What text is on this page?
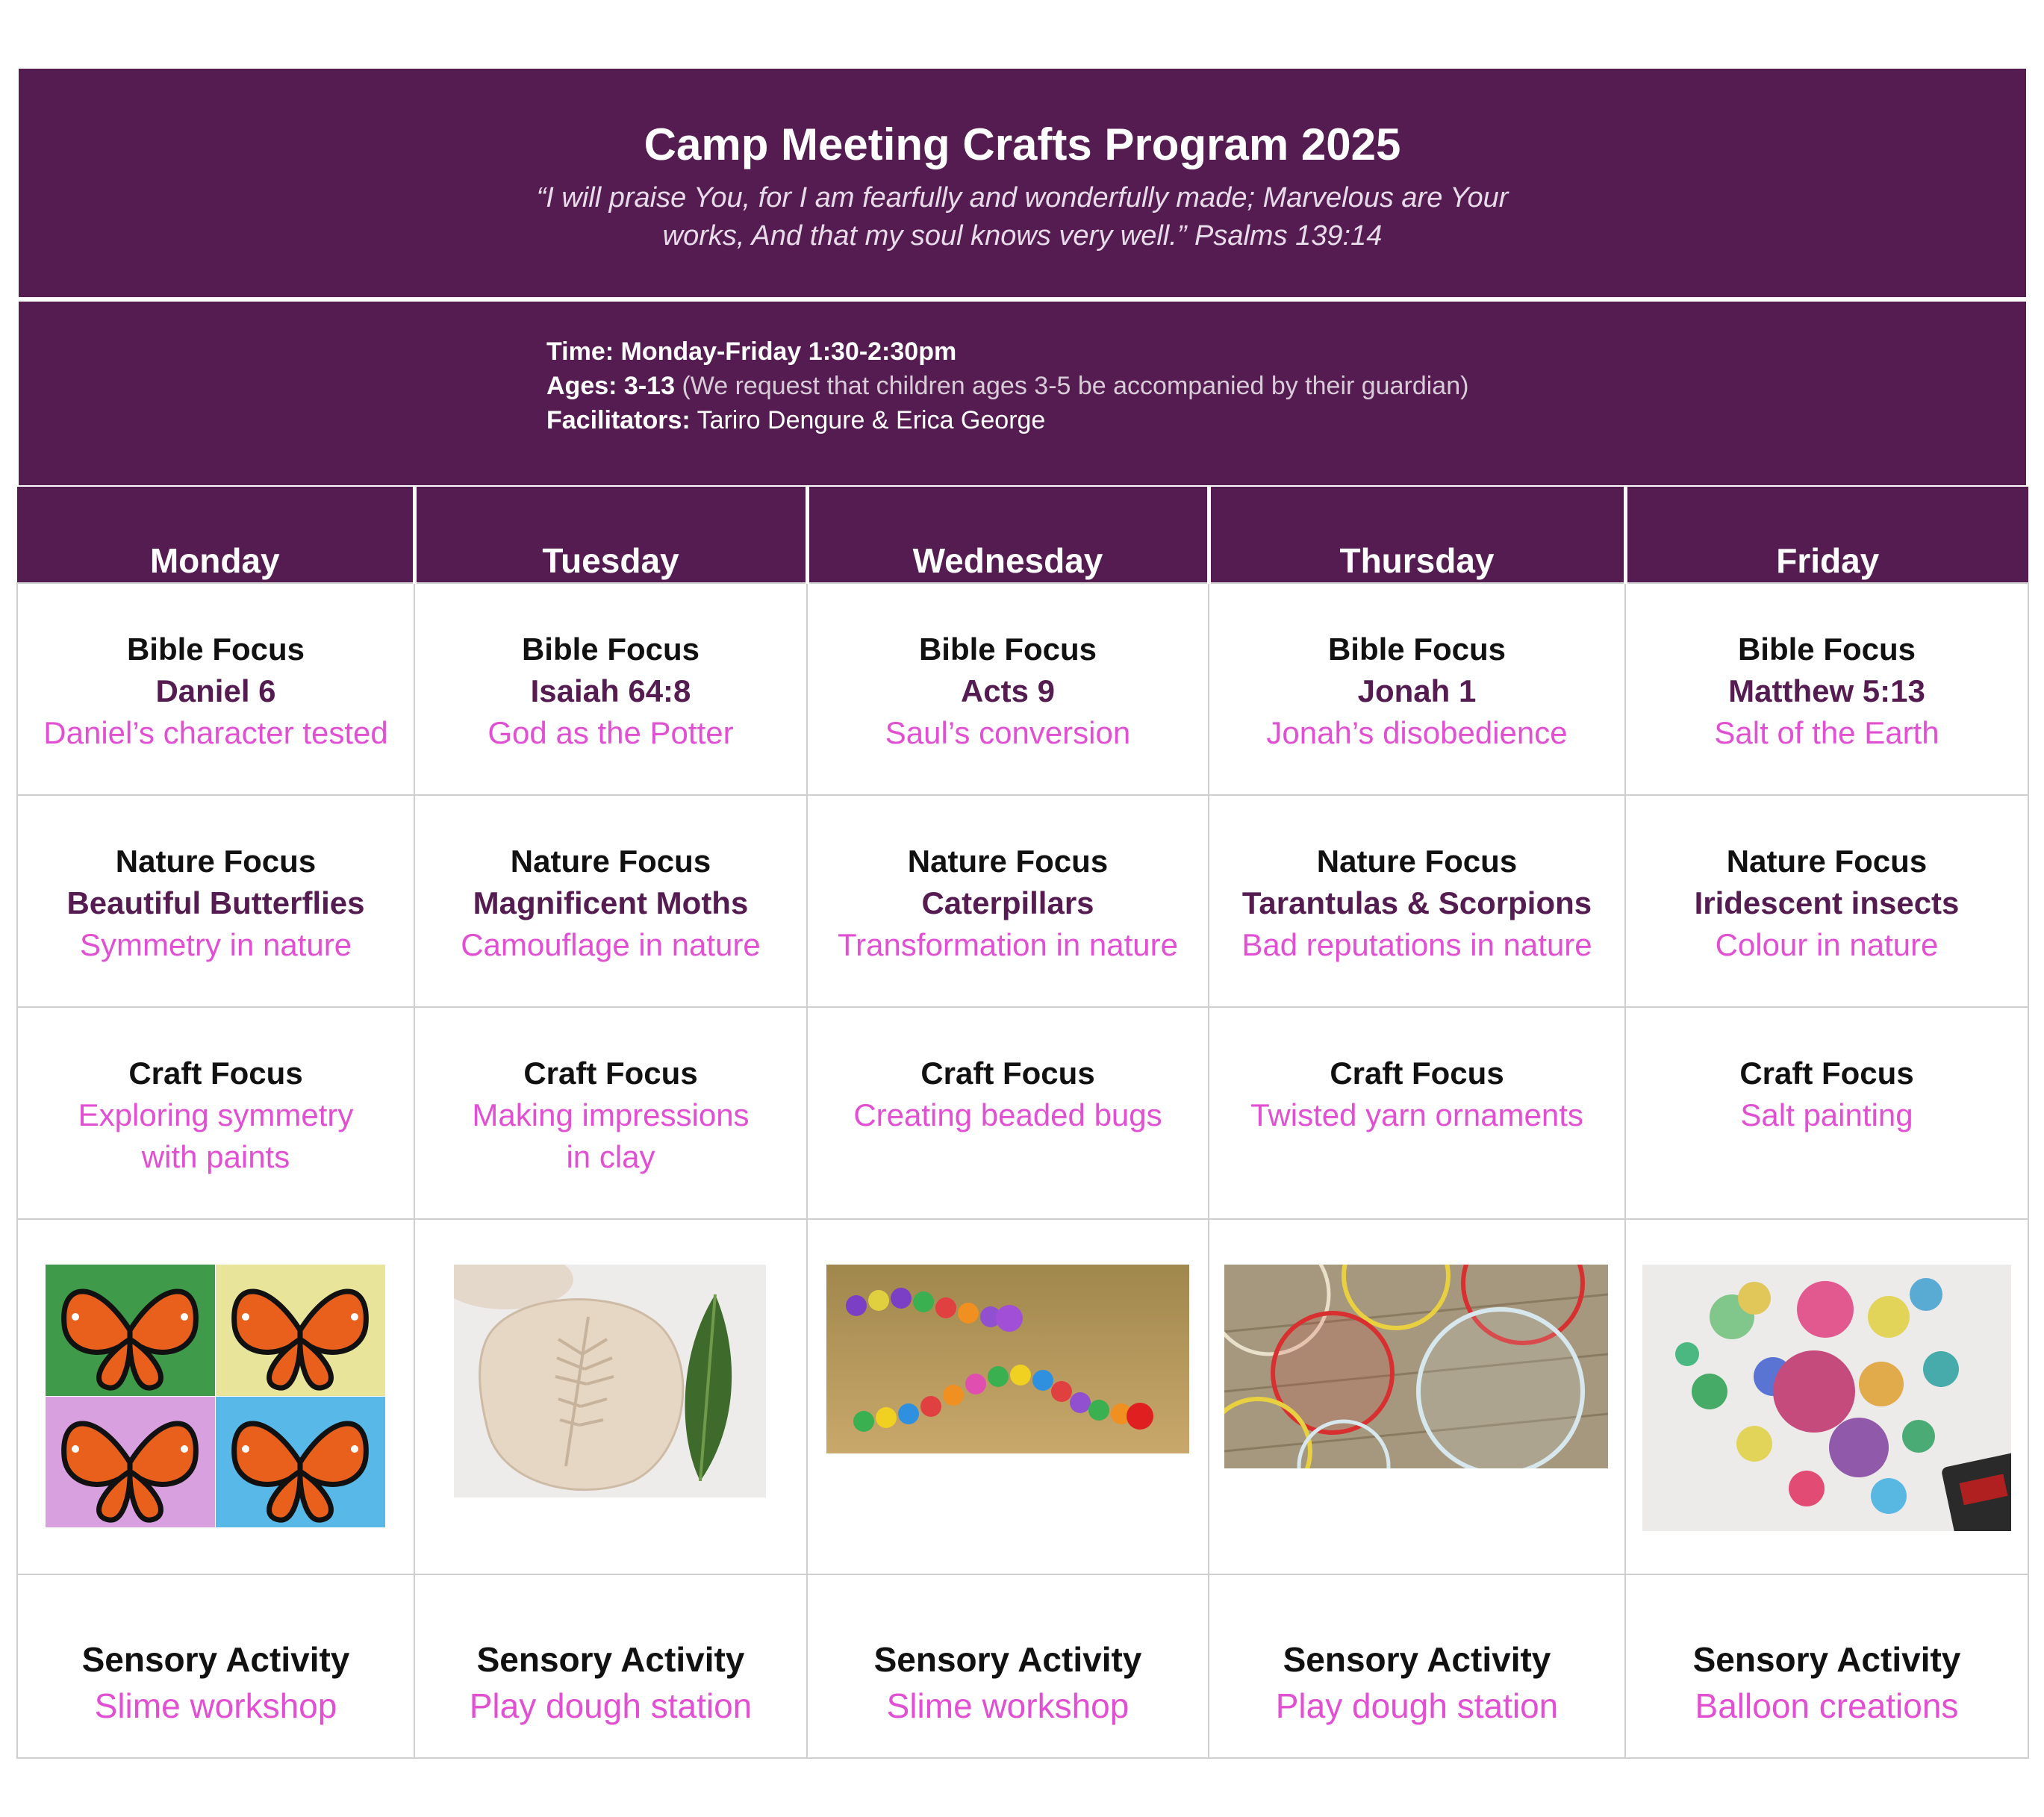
Camp Meeting Crafts Program 2025
“I will praise You, for I am fearfully and wonderfully made; Marvelous are Your works, And that my soul knows very well.” Psalms 139:14
Time: Monday-Friday 1:30-2:30pm
Ages: 3-13 (We request that children ages 3-5 be accompanied by their guardian)
Facilitators: Tariro Dengure & Erica George
Monday	Tuesday	Wednesday	Thursday	Friday

Bible Focus
Daniel 6
Daniel’s character tested	Bible Focus
Isaiah 64:8
God as the Potter	Bible Focus
Acts 9
Saul’s conversion	Bible Focus
Jonah 1
Jonah’s disobedience	Bible Focus
Matthew 5:13
Salt of the Earth

Nature Focus
Beautiful Butterflies
Symmetry in nature	Nature Focus
Magnificent Moths
Camouflage in nature	Nature Focus
Caterpillars
Transformation in nature	Nature Focus
Tarantulas & Scorpions
Bad reputations in nature	Nature Focus
Iridescent insects
Colour in nature

Craft Focus
Exploring symmetry
with paints	Craft Focus
Making impressions
in clay	Craft Focus
Creating beaded bugs	Craft Focus
Twisted yarn ornaments	Craft Focus
Salt painting

Sensory Activity
Slime workshop	Sensory Activity
Play dough station	Sensory Activity
Slime workshop	Sensory Activity
Play dough station	Sensory Activity
Balloon creations
